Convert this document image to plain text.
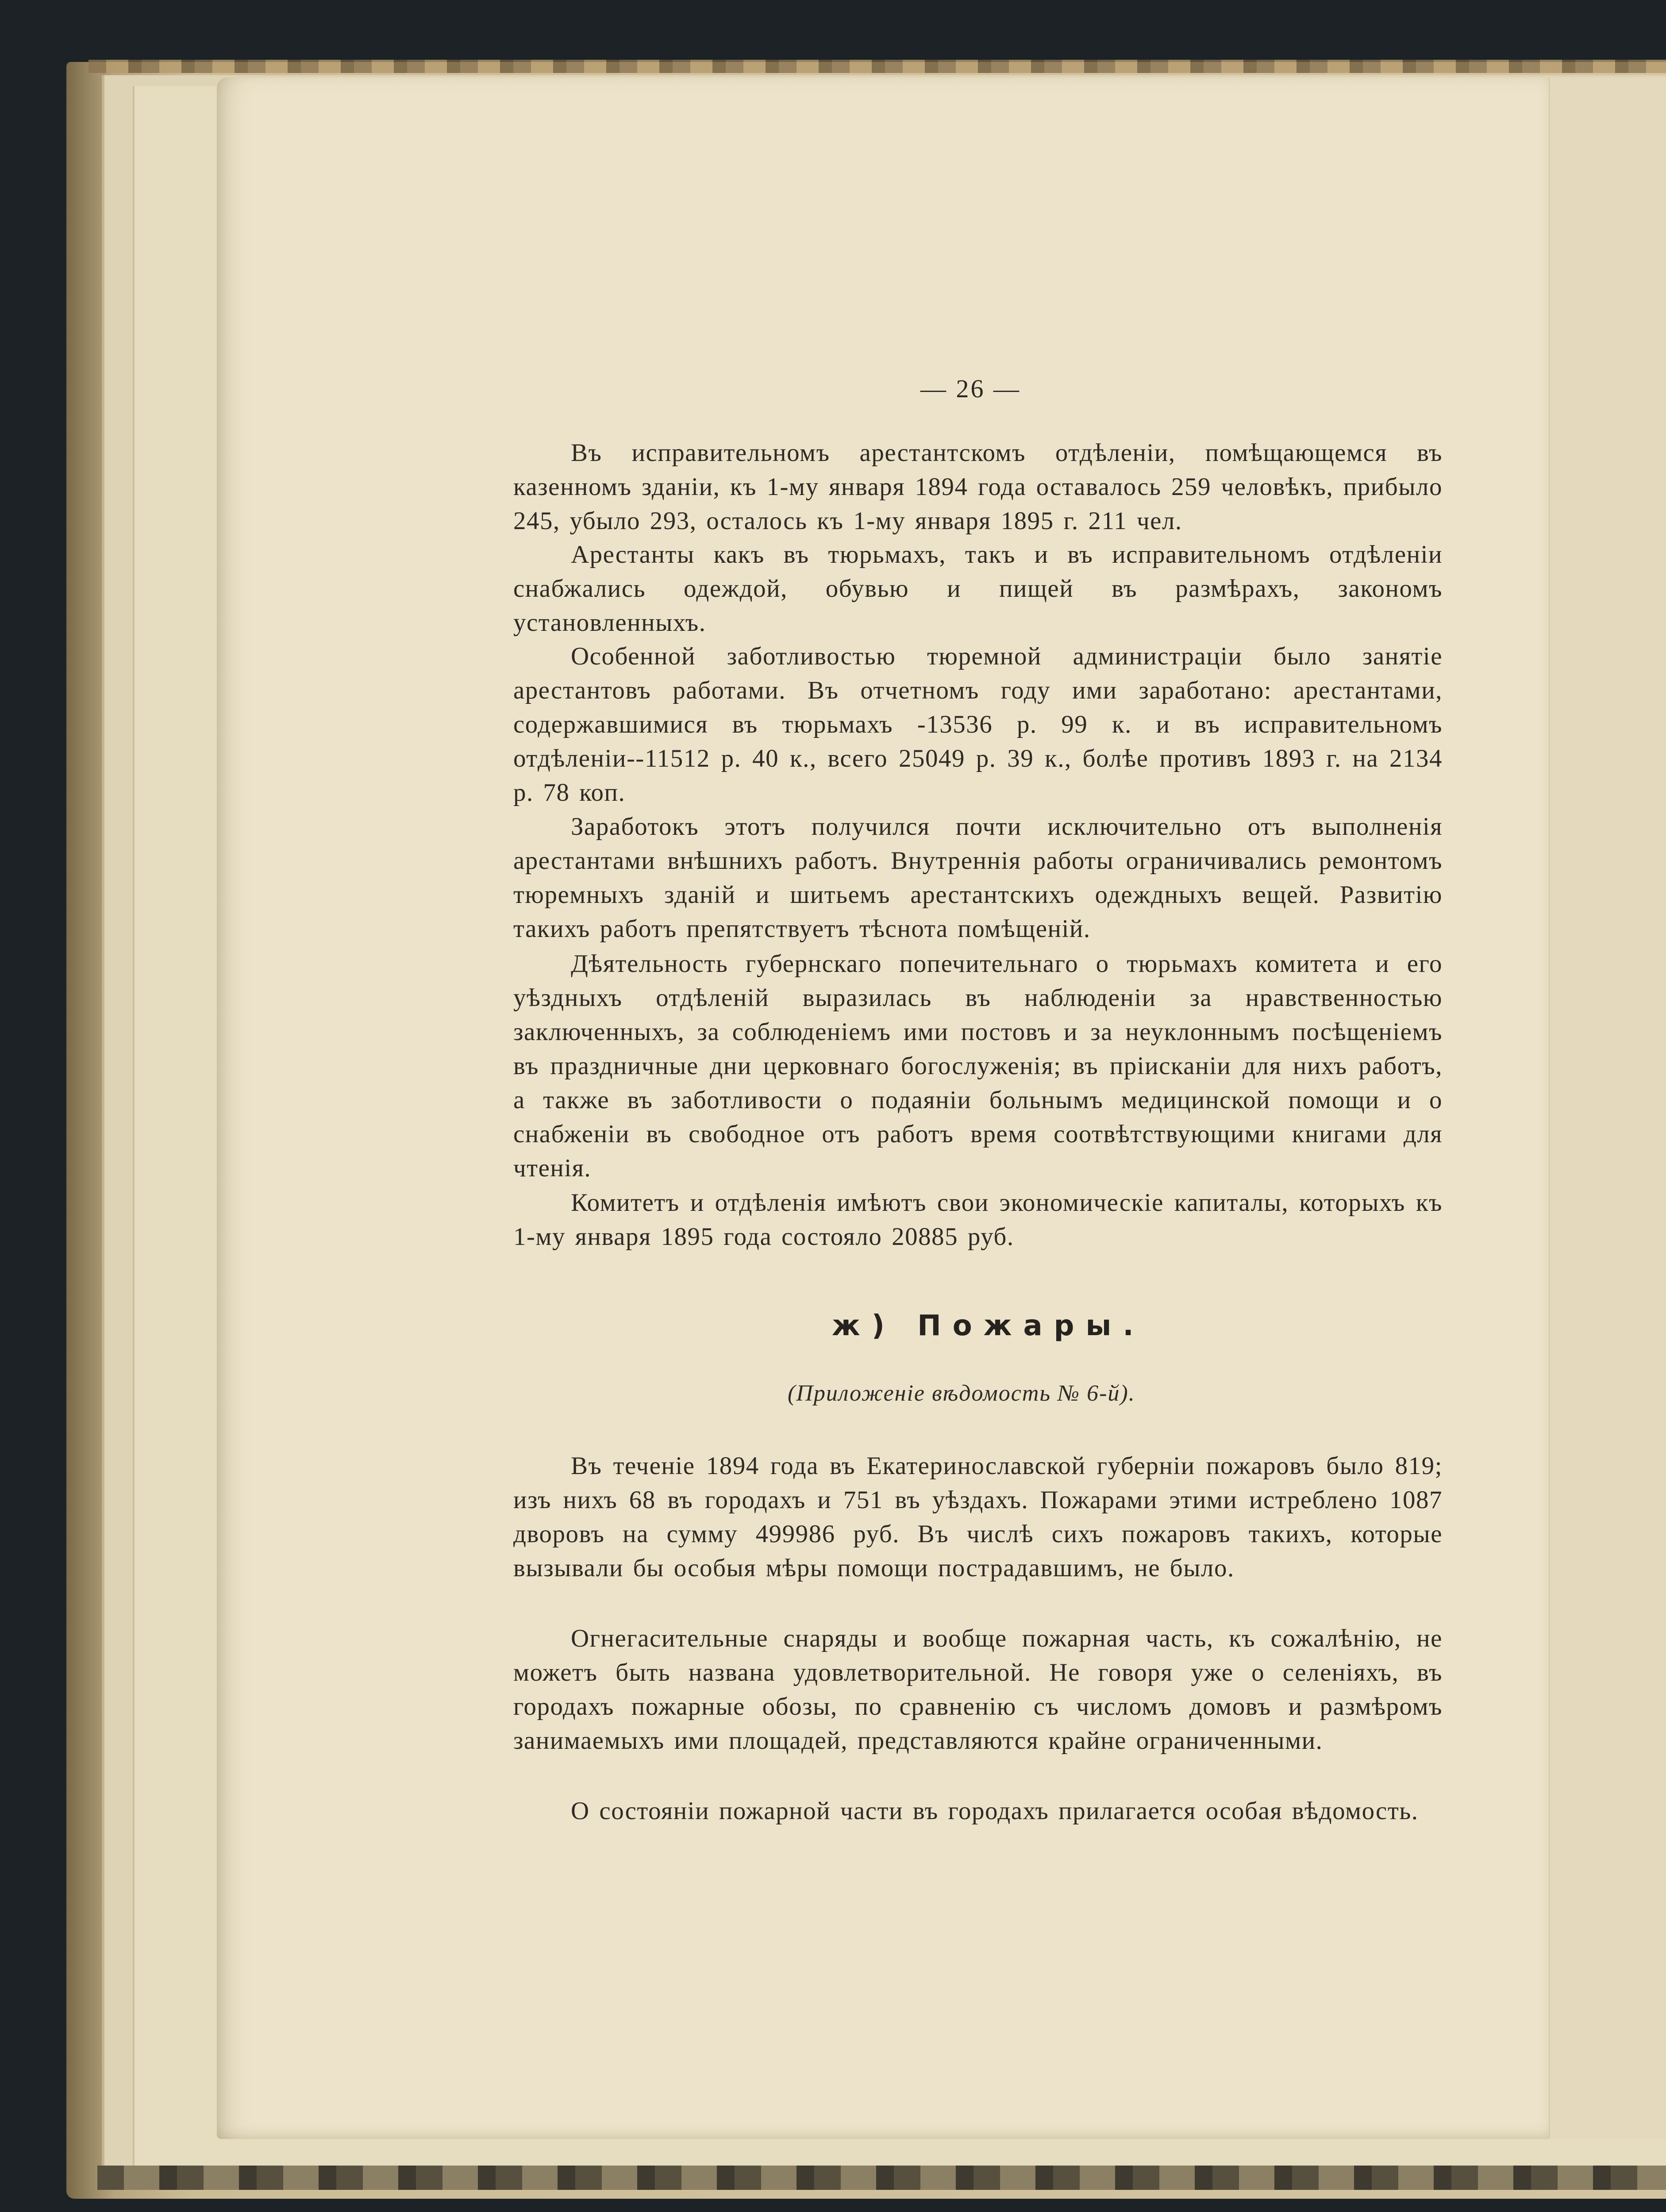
— 26 —

Въ исправительномъ арестантскомъ отдѣленіи, помѣщающемся въ казенномъ зданіи, къ 1-му января 1894 года оставалось 259 человѣкъ, прибыло 245, убыло 293, осталось къ 1-му января 1895 г. 211 чел.

Арестанты какъ въ тюрьмахъ, такъ и въ исправительномъ отдѣленіи снабжались одеждой, обувью и пищей въ размѣрахъ, закономъ установленныхъ.

Особенной заботливостью тюремной администраціи было занятіе арестантовъ работами. Въ отчетномъ году ими заработано: арестантами, содержавшимися въ тюрьмахъ -13536 р. 99 к. и въ исправительномъ отдѣленіи--11512 р. 40 к., всего 25049 р. 39 к., болѣе противъ 1893 г. на 2134 р. 78 коп.

Заработокъ этотъ получился почти исключительно отъ выполненія арестантами внѣшнихъ работъ. Внутреннія работы ограничивались ремонтомъ тюремныхъ зданій и шитьемъ арестантскихъ одеждныхъ вещей. Развитію такихъ работъ препятствуетъ тѣснота помѣщеній.

Дѣятельность губернскаго попечительнаго о тюрьмахъ комитета и его уѣздныхъ отдѣленій выразилась въ наблюденіи за нравственностью заключенныхъ, за соблюденіемъ ими постовъ и за неуклоннымъ посѣщеніемъ въ праздничные дни церковнаго богослуженія; въ пріисканіи для нихъ работъ, а также въ заботливости о подаяніи больнымъ медицинской помощи и о снабженіи въ свободное отъ работъ время соотвѣтствующими книгами для чтенія.

Комитетъ и отдѣленія имѣютъ свои экономическіе капиталы, которыхъ къ 1-му января 1895 года состояло 20885 руб.

ж) Пожары.
(Приложеніе вѣдомость № 6-й).

Въ теченіе 1894 года въ Екатеринославской губерніи пожаровъ было 819; изъ нихъ 68 въ городахъ и 751 въ уѣздахъ. Пожарами этими истреблено 1087 дворовъ на сумму 499986 руб. Въ числѣ сихъ пожаровъ такихъ, которые вызывали бы особыя мѣры помощи пострадавшимъ, не было.

Огнегасительные снаряды и вообще пожарная часть, къ сожалѣнію, не можетъ быть названа удовлетворительной. Не говоря уже о селеніяхъ, въ городахъ пожарные обозы, по сравненію съ числомъ домовъ и размѣромъ занимаемыхъ ими площадей, представляются крайне ограниченными.

О состояніи пожарной части въ городахъ прилагается особая вѣдомость.
